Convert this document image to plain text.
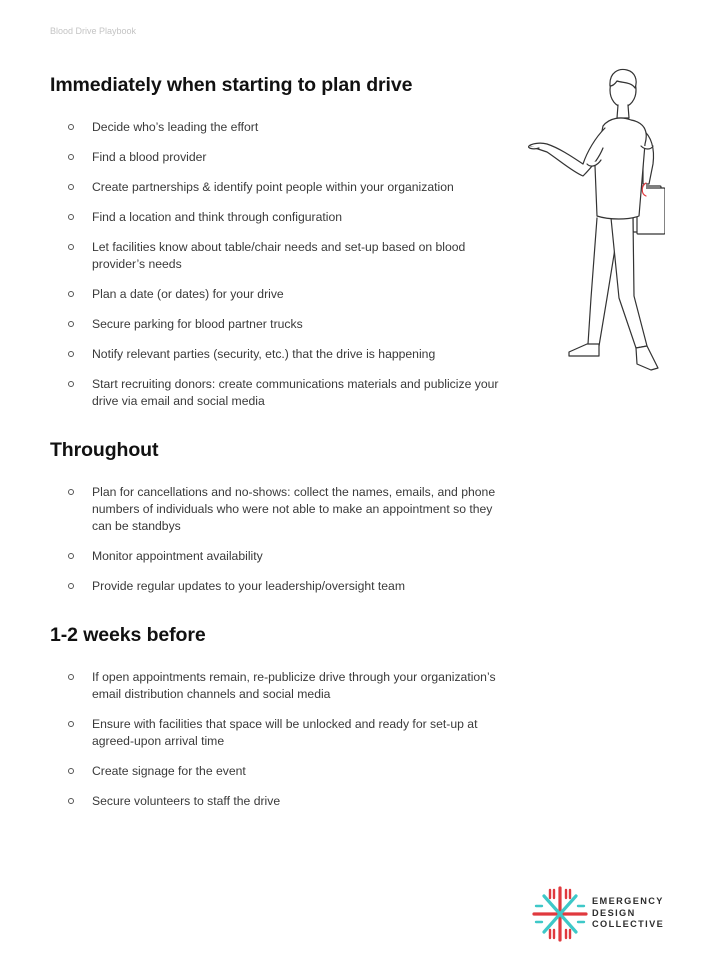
Blood Drive Playbook
Immediately when starting to plan drive
Decide who’s leading the effort
Find a blood provider
Create partnerships & identify point people within your organization
Find a location and think through configuration
Let facilities know about table/chair needs and set-up based on blood provider’s needs
Plan a date (or dates) for your drive
Secure parking for blood partner trucks
Notify relevant parties (security, etc.) that the drive is happening
Start recruiting donors: create communications materials and publicize your drive via email and social media
Throughout
Plan for cancellations and no-shows: collect the names, emails, and phone numbers of individuals who were not able to make an appointment so they can be standbys
Monitor appointment availability
Provide regular updates to your leadership/oversight team
1-2 weeks before
If open appointments remain, re-publicize drive through your organization’s email distribution channels and social media
Ensure with facilities that space will be unlocked and ready for set-up at agreed-upon arrival time
Create signage for the event
Secure volunteers to staff the drive
EMERGENCY
DESIGN
COLLECTIVE
